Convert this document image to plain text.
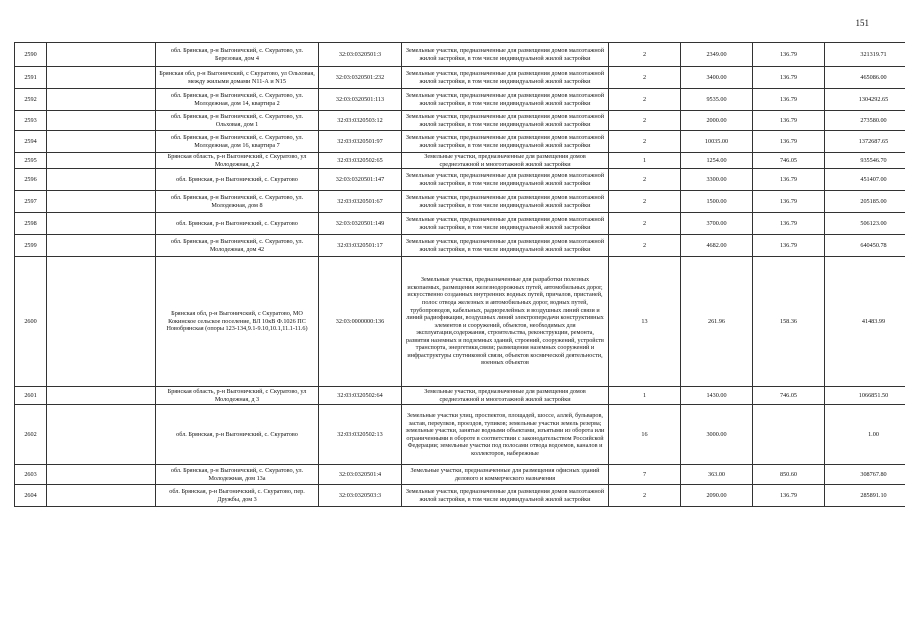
151
2590		обл. Брянская, р-н Выгоничский, с. Скуратово, ул. Березовая, дом 4	32:03:0320501:3	Земельные участки, предназначенные для размещения домов малоэтажной жилой застройки, в том числе индивидуальной жилой застройки	2	2349.00	136.79	321319.71
2591		Брянская обл, р-н Выгоничский, с Скуратово, ул Ольховая, между жилыми домами N11-А и N15	32:03:0320501:232	Земельные участки, предназначенные для размещения домов малоэтажной жилой застройки, в том числе индивидуальной жилой застройки	2	3400.00	136.79	465086.00
2592		обл. Брянская, р-н Выгоничский, с. Скуратово, ул. Молодежная, дом 14, квартира 2	32:03:0320501:113	Земельные участки, предназначенные для размещения домов малоэтажной жилой застройки, в том числе индивидуальной жилой застройки	2	9535.00	136.79	1304292.65
2593		обл. Брянская, р-н Выгоничский, с. Скуратово, ул. Ольховая, дом 1	32:03:0320503:12	Земельные участки, предназначенные для размещения домов малоэтажной жилой застройки, в том числе индивидуальной жилой застройки	2	2000.00	136.79	273580.00
2594		обл. Брянская, р-н Выгоничский, с. Скуратово, ул. Молодежная, дом 16, квартира 7	32:03:0320501:97	Земельные участки, предназначенные для размещения домов малоэтажной жилой застройки, в том числе индивидуальной жилой застройки	2	10035.00	136.79	1372687.65
2595		Брянская область, р-н Выгоничский, с Скуратово, ул Молодежная, д 2	32:03:0320502:65	Земельные участки, предназначенные для размещения домов среднеэтажной и многоэтажной жилой застройки	1	1254.00	746.05	935546.70
2596		обл. Брянская, р-н Выгоничский, с. Скуратово	32:03:0320501:147	Земельные участки, предназначенные для размещения домов малоэтажной жилой застройки, в том числе индивидуальной жилой застройки	2	3300.00	136.79	451407.00
2597		обл. Брянская, р-н Выгоничский, с. Скуратово, ул. Молодежная, дом 8	32:03:0320501:67	Земельные участки, предназначенные для размещения домов малоэтажной жилой застройки, в том числе индивидуальной жилой застройки	2	1500.00	136.79	205185.00
2598		обл. Брянская, р-н Выгоничский, с. Скуратово	32:03:0320501:149	Земельные участки, предназначенные для размещения домов малоэтажной жилой застройки, в том числе индивидуальной жилой застройки	2	3700.00	136.79	506123.00
2599		обл. Брянская, р-н Выгоничский, с. Скуратово, ул. Молодежная, дом 42	32:03:0320501:17	Земельные участки, предназначенные для размещения домов малоэтажной жилой застройки, в том числе индивидуальной жилой застройки	2	4682.00	136.79	640450.78
2600		Брянская обл, р-н Выгоничский, с Скуратово, МО Кокинское сельское поселение, ВЛ 10кВ Ф.1026 ПС Новобрянская (опоры 123-134,9.1-9.10,10.1,11.1-11.6)	32:03:0000000:136	Земельные участки, предназначенные для разработки полезных ископаемых, размещения железнодорожных путей, автомобильных дорог, искусственно созданных внутренних водных путей, причалов, пристаней, полос отвода железных и автомобильных дорог, водных путей, трубопроводов, кабельных, радиорелейных и воздушных линий связи и линий радиофикации, воздушных линий электропередачи конструктивных элементов и сооружений, объектов, необходимых для эксплуатации,содержания, строительства, реконструкции, ремонта, развития наземных и подземных зданий, строений, сооружений, устройств транспорта, энергетики,связи; размещения наземных сооружений и инфраструктуры спутниковой связи, объектов космической деятельности, военных объектов	13	261.96	158.36	41483.99
2601		Брянская область, р-н Выгоничский, с Скуратово, ул Молодежная, д 3	32:03:0320502:64	Земельные участки, предназначенные для размещения домов среднеэтажной и многоэтажной жилой застройки	1	1430.00	746.05	1066851.50
2602		обл. Брянская, р-н Выгоничский, с. Скуратово	32:03:0320502:13	Земельные участки улиц, проспектов, площадей, шоссе, аллей, бульваров, застав, переулков, проездов, тупиков; земельные участки земель резерва; земельные участки, занятые водными объектами, изъятыми из оборота или ограниченными в обороте в соответствии с законодательством Российской Федерации; земельные участки под полосами отвода водоемов, каналов и коллекторов, набережные	16	3000.00		1.00
2603		обл. Брянская, р-н Выгоничский, с. Скуратово, ул. Молодежная, дом 13а	32:03:0320501:4	Земельные участки, предназначенные для размещения офисных зданий делового и коммерческого назначения	7	363.00	850.60	308767.80
2604		обл. Брянская, р-н Выгоничский, с. Скуратово, пер. Дружбы, дом 3	32:03:0320503:3	Земельные участки, предназначенные для размещения домов малоэтажной жилой застройки, в том числе индивидуальной жилой застройки	2	2090.00	136.79	285891.10
